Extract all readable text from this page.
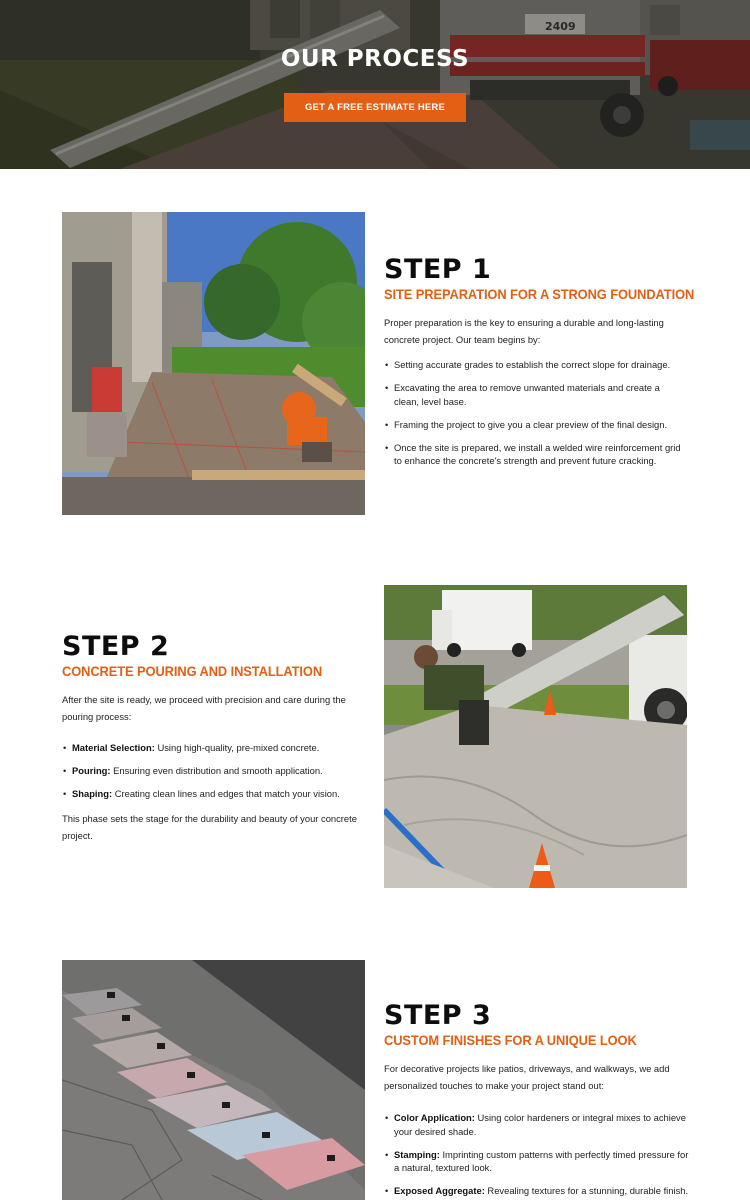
2409
OUR PROCESS
GET A FREE ESTIMATE HERE
STEP 1
SITE PREPARATION FOR A STRONG FOUNDATION

Proper preparation is the key to ensuring a durable and long-lasting concrete project. Our team begins by:

• Setting accurate grades to establish the correct slope for drainage.
• Excavating the area to remove unwanted materials and create a clean, level base.
• Framing the project to give you a clear preview of the final design.
• Once the site is prepared, we install a welded wire reinforcement grid to enhance the concrete's strength and prevent future cracking.
STEP 2
CONCRETE POURING AND INSTALLATION

After the site is ready, we proceed with precision and care during the pouring process:

• Material Selection: Using high-quality, pre-mixed concrete.
• Pouring: Ensuring even distribution and smooth application.
• Shaping: Creating clean lines and edges that match your vision.

This phase sets the stage for the durability and beauty of your concrete project.

STEP 3
CUSTOM FINISHES FOR A UNIQUE LOOK

For decorative projects like patios, driveways, and walkways, we add personalized touches to make your project stand out:

• Color Application: Using color hardeners or integral mixes to achieve your desired shade.
• Stamping: Imprinting custom patterns with perfectly timed pressure for a natural, textured look.
• Exposed Aggregate: Revealing textures for a stunning, durable finish.
